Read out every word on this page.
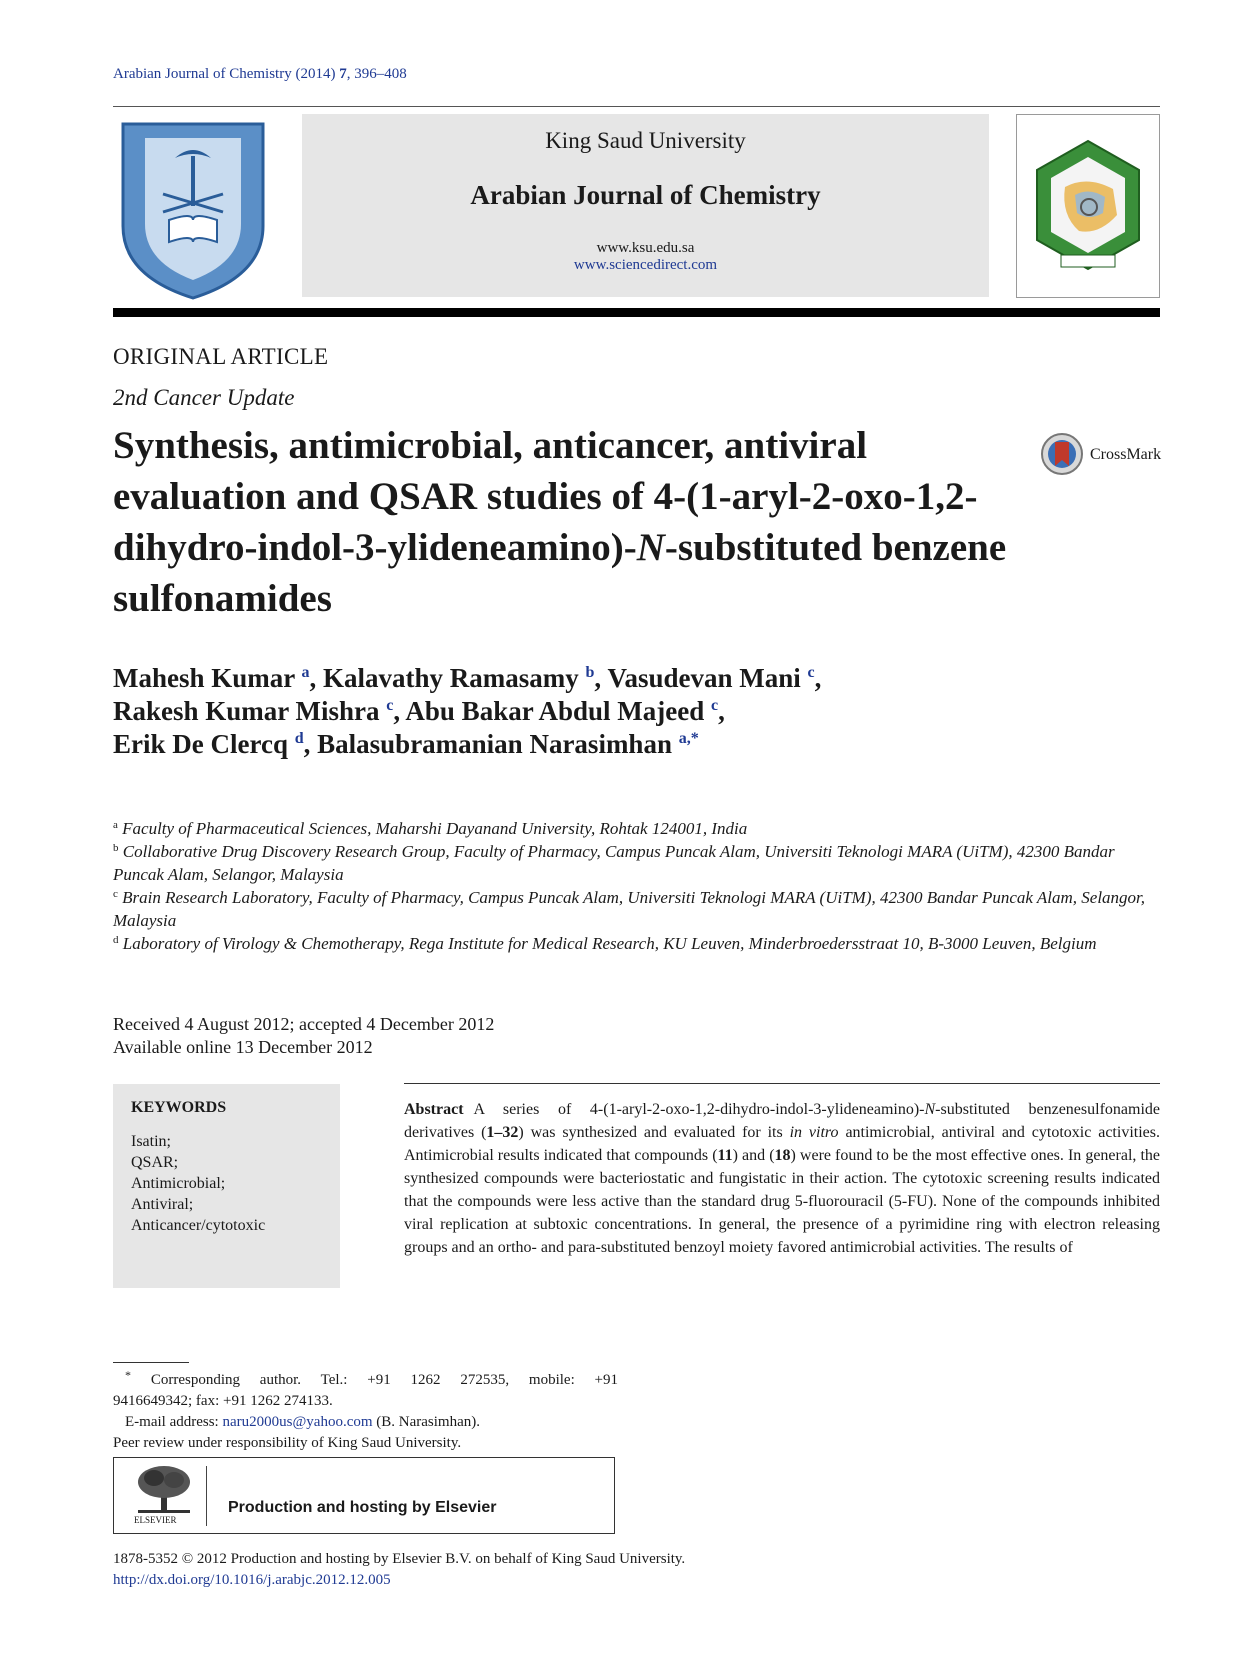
Arabian Journal of Chemistry (2014) 7, 396–408
King Saud University
Arabian Journal of Chemistry
www.ksu.edu.sa
www.sciencedirect.com
ORIGINAL ARTICLE
2nd Cancer Update
Synthesis, antimicrobial, anticancer, antiviral evaluation and QSAR studies of 4-(1-aryl-2-oxo-1,2-dihydro-indol-3-ylideneamino)-N-substituted benzene sulfonamides
CrossMark
Mahesh Kumar $^a$, Kalavathy Ramasamy $^b$, Vasudevan Mani $^c$,
Rakesh Kumar Mishra $^c$, Abu Bakar Abdul Majeed $^c$,
Erik De Clercq $^d$, Balasubramanian Narasimhan $^{a,*}$
$^a$ Faculty of Pharmaceutical Sciences, Maharshi Dayanand University, Rohtak 124001, India
$^b$ Collaborative Drug Discovery Research Group, Faculty of Pharmacy, Campus Puncak Alam, Universiti Teknologi MARA (UiTM), 42300 Bandar Puncak Alam, Selangor, Malaysia
$^c$ Brain Research Laboratory, Faculty of Pharmacy, Campus Puncak Alam, Universiti Teknologi MARA (UiTM), 42300 Bandar Puncak Alam, Selangor, Malaysia
$^d$ Laboratory of Virology & Chemotherapy, Rega Institute for Medical Research, KU Leuven, Minderbroedersstraat 10, B-3000 Leuven, Belgium
Received 4 August 2012; accepted 4 December 2012
Available online 13 December 2012
KEYWORDS
Isatin;
QSAR;
Antimicrobial;
Antiviral;
Anticancer/cytotoxic
Abstract A series of 4-(1-aryl-2-oxo-1,2-dihydro-indol-3-ylideneamino)-N-substituted benzenesulfonamide derivatives (1–32) was synthesized and evaluated for its in vitro antimicrobial, antiviral and cytotoxic activities. Antimicrobial results indicated that compounds (11) and (18) were found to be the most effective ones. In general, the synthesized compounds were bacteriostatic and fungistatic in their action. The cytotoxic screening results indicated that the compounds were less active than the standard drug 5-fluorouracil (5-FU). None of the compounds inhibited viral replication at subtoxic concentrations. In general, the presence of a pyrimidine ring with electron releasing groups and an ortho- and para-substituted benzoyl moiety favored antimicrobial activities. The results of

* Corresponding author. Tel.: +91 1262 272535, mobile: +91

9416649342; fax: +91 1262 274133.

E-mail address: naru2000us@yahoo.com (B. Narasimhan).

Peer review under responsibility of King Saud University.

ELSEVIER
Production and hosting by Elsevier
1878-5352 © 2012 Production and hosting by Elsevier B.V. on behalf of King Saud University.
http://dx.doi.org/10.1016/j.arabjc.2012.12.005
